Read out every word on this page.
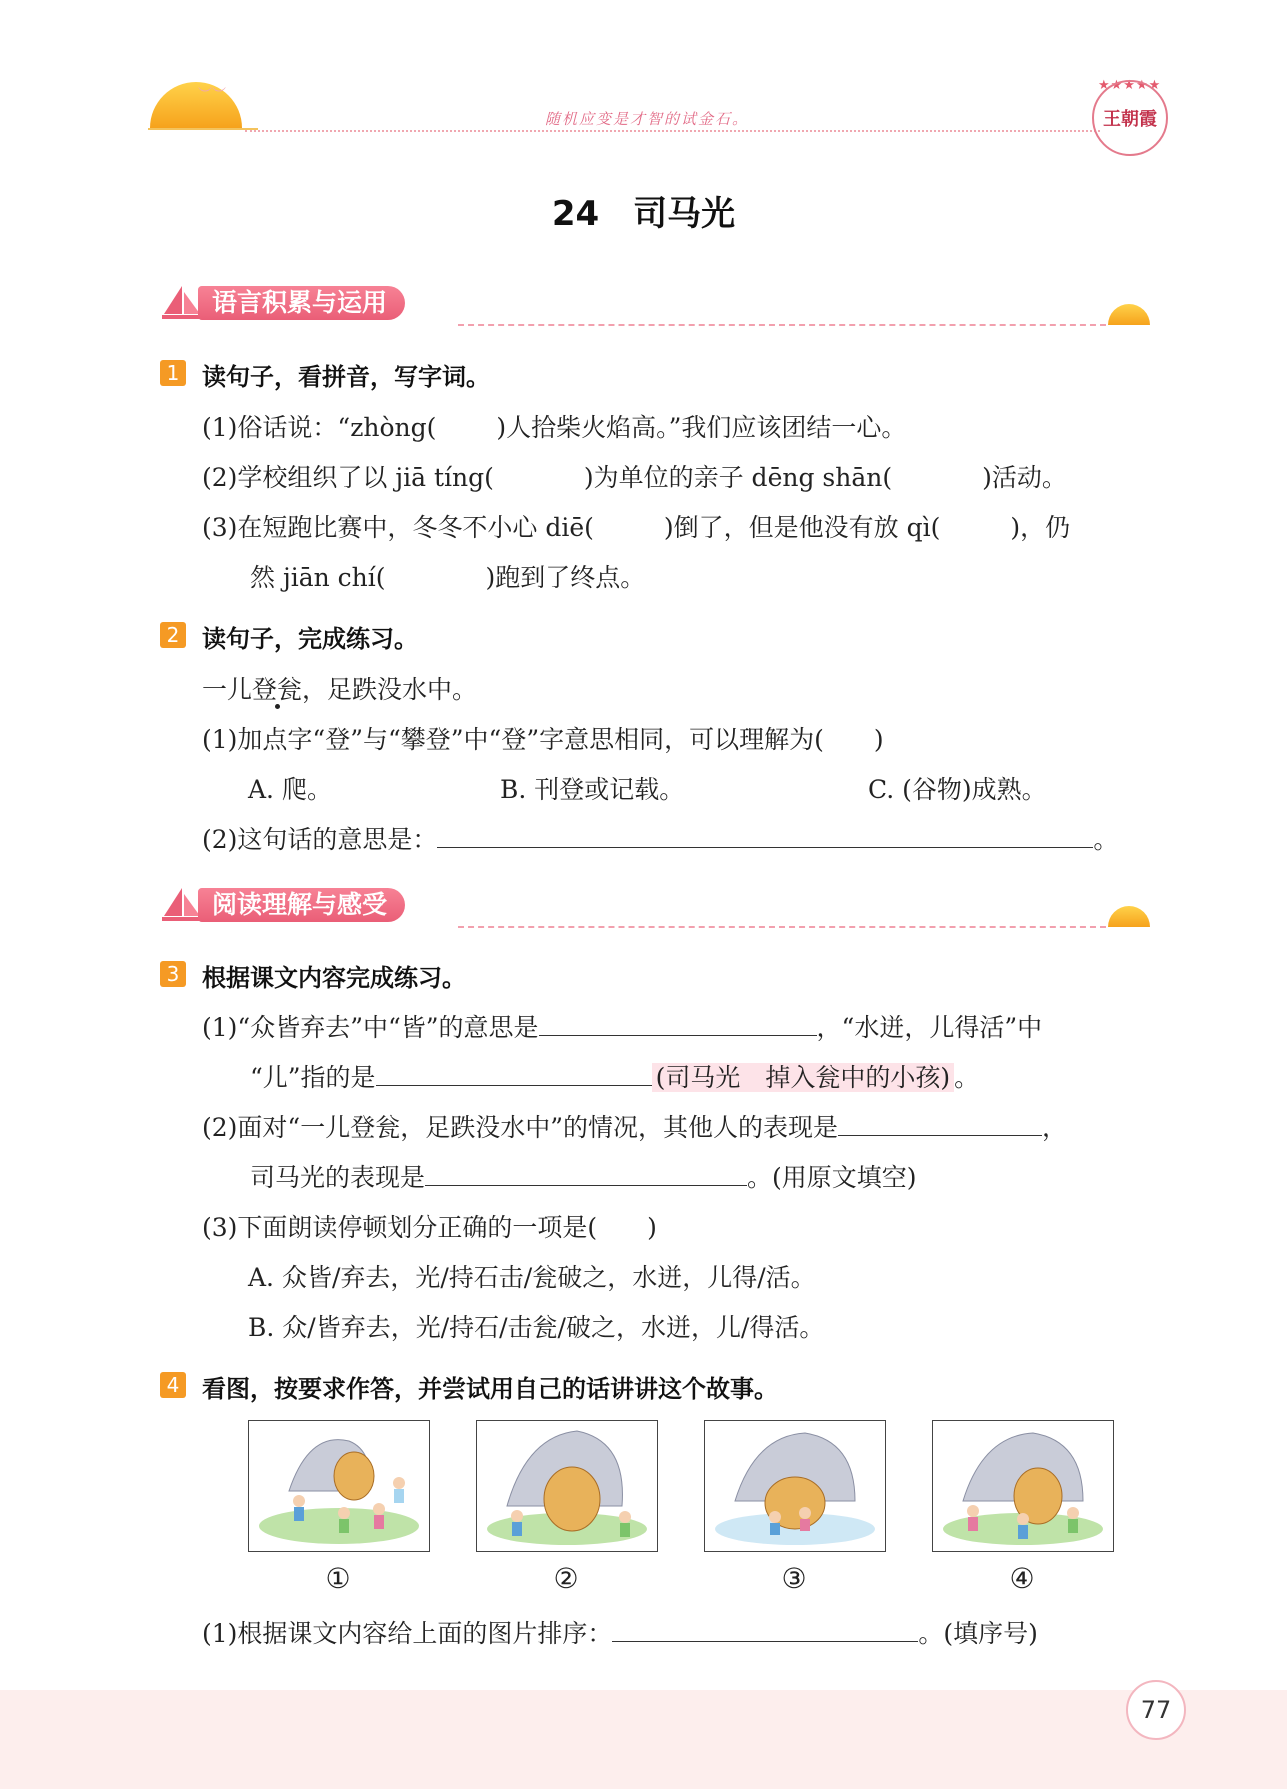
︶︶
随机应变是才智的试金石。
★★★★★
王朝霞
24　司马光
语言积累与运用
1 读句子，看拼音，写字词。
(1)俗话说：“zhòng( )人拾柴火焰高。”我们应该团结一心。
(2)学校组织了以 jiā tíng(	)为单位的亲子 dēng shān(	)活动。
(3)在短跑比赛中，冬冬不小心 diē(	)倒了，但是他没有放 qì(	)，仍
然 jiān chí(	)跑到了终点。
2 读句子，完成练习。
一儿登瓮，足跌没水中。
(1)加点字“登”与“攀登”中“登”字意思相同，可以理解为(　　)
A. 爬。	B. 刊登或记载。	C. (谷物)成熟。
(2)这句话的意思是：	。
阅读理解与感受
3 根据课文内容完成练习。
(1)“众皆弃去”中“皆”的意思是	，“水迸，儿得活”中
“儿”指的是	(司马光　掉入瓮中的小孩) 。
(2)面对“一儿登瓮，足跌没水中”的情况，其他人的表现是	，
司马光的表现是	。(用原文填空)
(3)下面朗读停顿划分正确的一项是(　　)
A. 众皆/弃去，光/持石击/瓮破之，水迸，儿得/活。
B. 众/皆弃去，光/持石/击瓮/破之，水迸，儿/得活。
4 看图，按要求作答，并尝试用自己的话讲讲这个故事。
①	②	③	④
(1)根据课文内容给上面的图片排序：	。(填序号)
77
